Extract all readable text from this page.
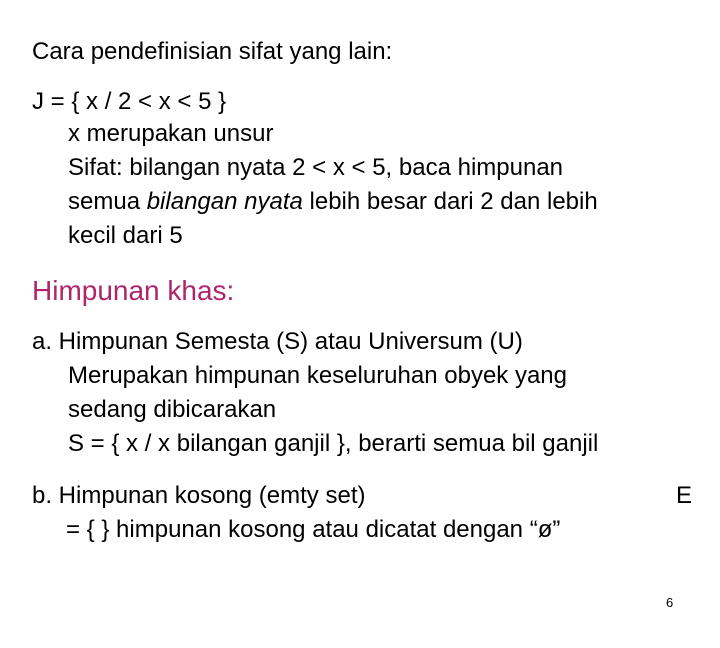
Cara pendefinisian sifat yang lain:
J = { x / 2 < x < 5 }
x merupakan unsur
Sifat: bilangan nyata 2 < x < 5, baca himpunan
semua bilangan nyata lebih besar dari 2 dan lebih
kecil dari 5
Himpunan khas:
a. Himpunan Semesta (S) atau Universum (U)
Merupakan himpunan keseluruhan obyek yang
sedang dibicarakan
S = { x / x bilangan ganjil }, berarti semua bil ganjil
b. Himpunan kosong (emty set)	E
= { } himpunan kosong atau dicatat dengan “ø”
6
